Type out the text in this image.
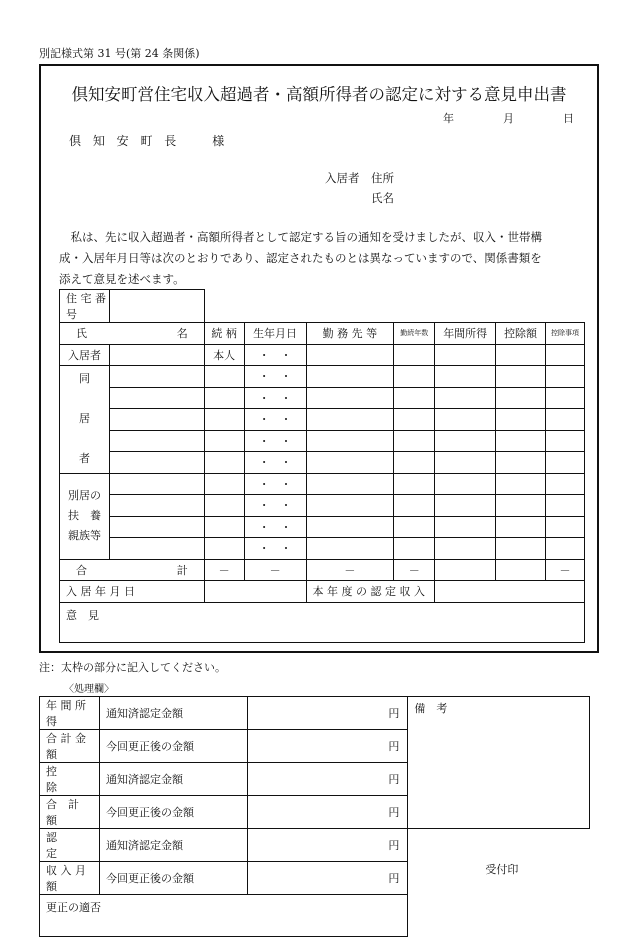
別記様式第 31 号(第 24 条関係)
倶知安町営住宅収入超過者・高額所得者の認定に対する意見申出書
年	月	日
倶 知 安 町 長　　様
入居者　住所
氏名

私は、先に収入超過者・高額所得者として認定する旨の通知を受けましたが、収入・世帯構

成・入居年月日等は次のとおりであり、認定されたものとは異なっていますので、関係書類を

添えて意見を述べます。

住 宅 番 号								

氏 名		続 柄	生年月日	勤 務 先 等	勤続年数	年間所得	控除額	控除事項
入居者		本人	・　・					

同

居

者			・　・					
			・　・					
			・　・					
			・　・					
			・　・					

別居の
扶　養
親族等			・　・					
			・　・					
			・　・					
			・　・					

合 計		－	－	－	－			－
入 居 年 月 日				本 年 度 の 認 定 収 入				
意　見								
注：太枠の部分に記入してください。
〈処理欄〉
年 間 所 得	通知済認定金額	円	備　考
合 計 金 額	今回更正後の金額	円	
控　　　除	通知済認定金額	円	
合　計　額	今回更正後の金額	円	
認　　　定	通知済認定金額	円	受付印
収 入 月 額	今回更正後の金額	円	
更正の適否			
